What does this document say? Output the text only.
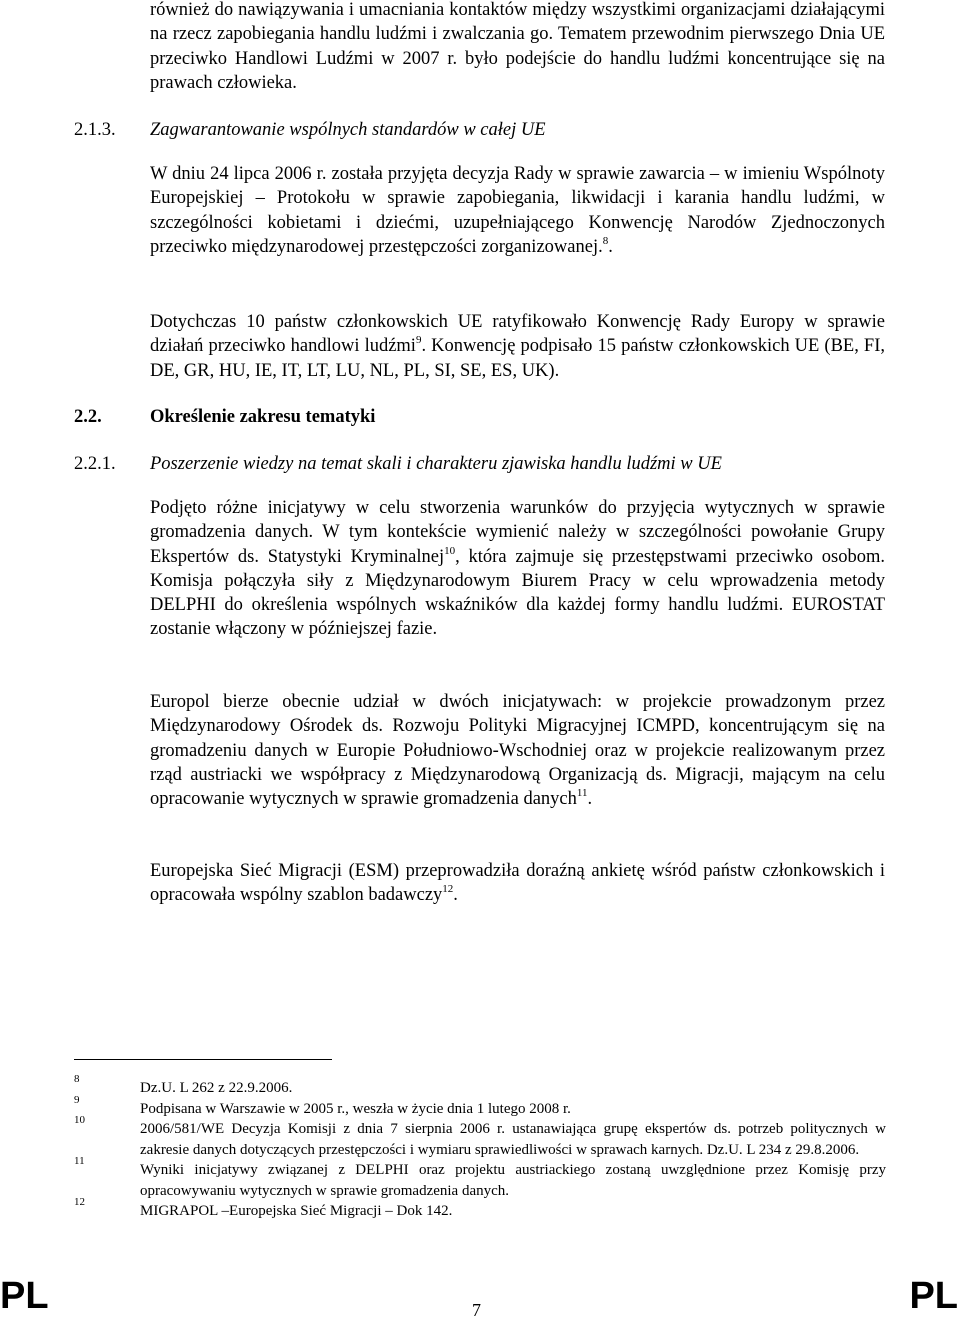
również do nawiązywania i umacniania kontaktów między wszystkimi organizacjami działającymi na rzecz zapobiegania handlu ludźmi i zwalczania go. Tematem przewodnim pierwszego Dnia UE przeciwko Handlowi Ludźmi w 2007 r. było podejście do handlu ludźmi koncentrujące się na prawach człowieka.

2.1.3. Zagwarantowanie wspólnych standardów w całej UE

W dniu 24 lipca 2006 r. została przyjęta decyzja Rady w sprawie zawarcia – w imieniu Wspólnoty Europejskiej – Protokołu w sprawie zapobiegania, likwidacji i karania handlu ludźmi, w szczególności kobietami i dziećmi, uzupełniającego Konwencję Narodów Zjednoczonych przeciwko międzynarodowej przestępczości zorganizowanej.$^8$.

Dotychczas 10 państw członkowskich UE ratyfikowało Konwencję Rady Europy w sprawie działań przeciwko handlowi ludźmi$^9$. Konwencję podpisało 15 państw członkowskich UE (BE, FI, DE, GR, HU, IE, IT, LT, LU, NL, PL, SI, SE, ES, UK).

2.2.	Określenie zakresu tematyki
2.2.1. Poszerzenie wiedzy na temat skali i charakteru zjawiska handlu ludźmi w UE

Podjęto różne inicjatywy w celu stworzenia warunków do przyjęcia wytycznych w sprawie gromadzenia danych. W tym kontekście wymienić należy w szczególności powołanie Grupy Ekspertów ds. Statystyki Kryminalnej$^{10}$, która zajmuje się przestępstwami przeciwko osobom. Komisja połączyła siły z Międzynarodowym Biurem Pracy w celu wprowadzenia metody DELPHI do określenia wspólnych wskaźników dla każdej formy handlu ludźmi. EUROSTAT zostanie włączony w późniejszej fazie.

Europol bierze obecnie udział w dwóch inicjatywach: w projekcie prowadzonym przez Międzynarodowy Ośrodek ds. Rozwoju Polityki Migracyjnej ICMPD, koncentrującym się na gromadzeniu danych w Europie Południowo-Wschodniej oraz w projekcie realizowanym przez rząd austriacki we współpracy z Międzynarodową Organizacją ds. Migracji, mającym na celu opracowanie wytycznych w sprawie gromadzenia danych$^{11}$.

Europejska Sieć Migracji (ESM) przeprowadziła doraźną ankietę wśród państw członkowskich i opracowała wspólny szablon badawczy$^{12}$.

8
Dz.U. L 262 z 22.9.2006.
9
Podpisana w Warszawie w 2005 r., weszła w życie dnia 1 lutego 2008 r.
10
2006/581/WE Decyzja Komisji z dnia 7 sierpnia 2006 r. ustanawiająca grupę ekspertów ds. potrzeb politycznych w zakresie danych dotyczących przestępczości i wymiaru sprawiedliwości w sprawach karnych. Dz.U. L 234 z 29.8.2006.
11
Wyniki inicjatywy związanej z DELPHI oraz projektu austriackiego zostaną uwzględnione przez Komisję przy opracowywaniu wytycznych w sprawie gromadzenia danych.
12
MIGRAPOL –Europejska Sieć Migracji – Dok 142.
PL	7	PL
